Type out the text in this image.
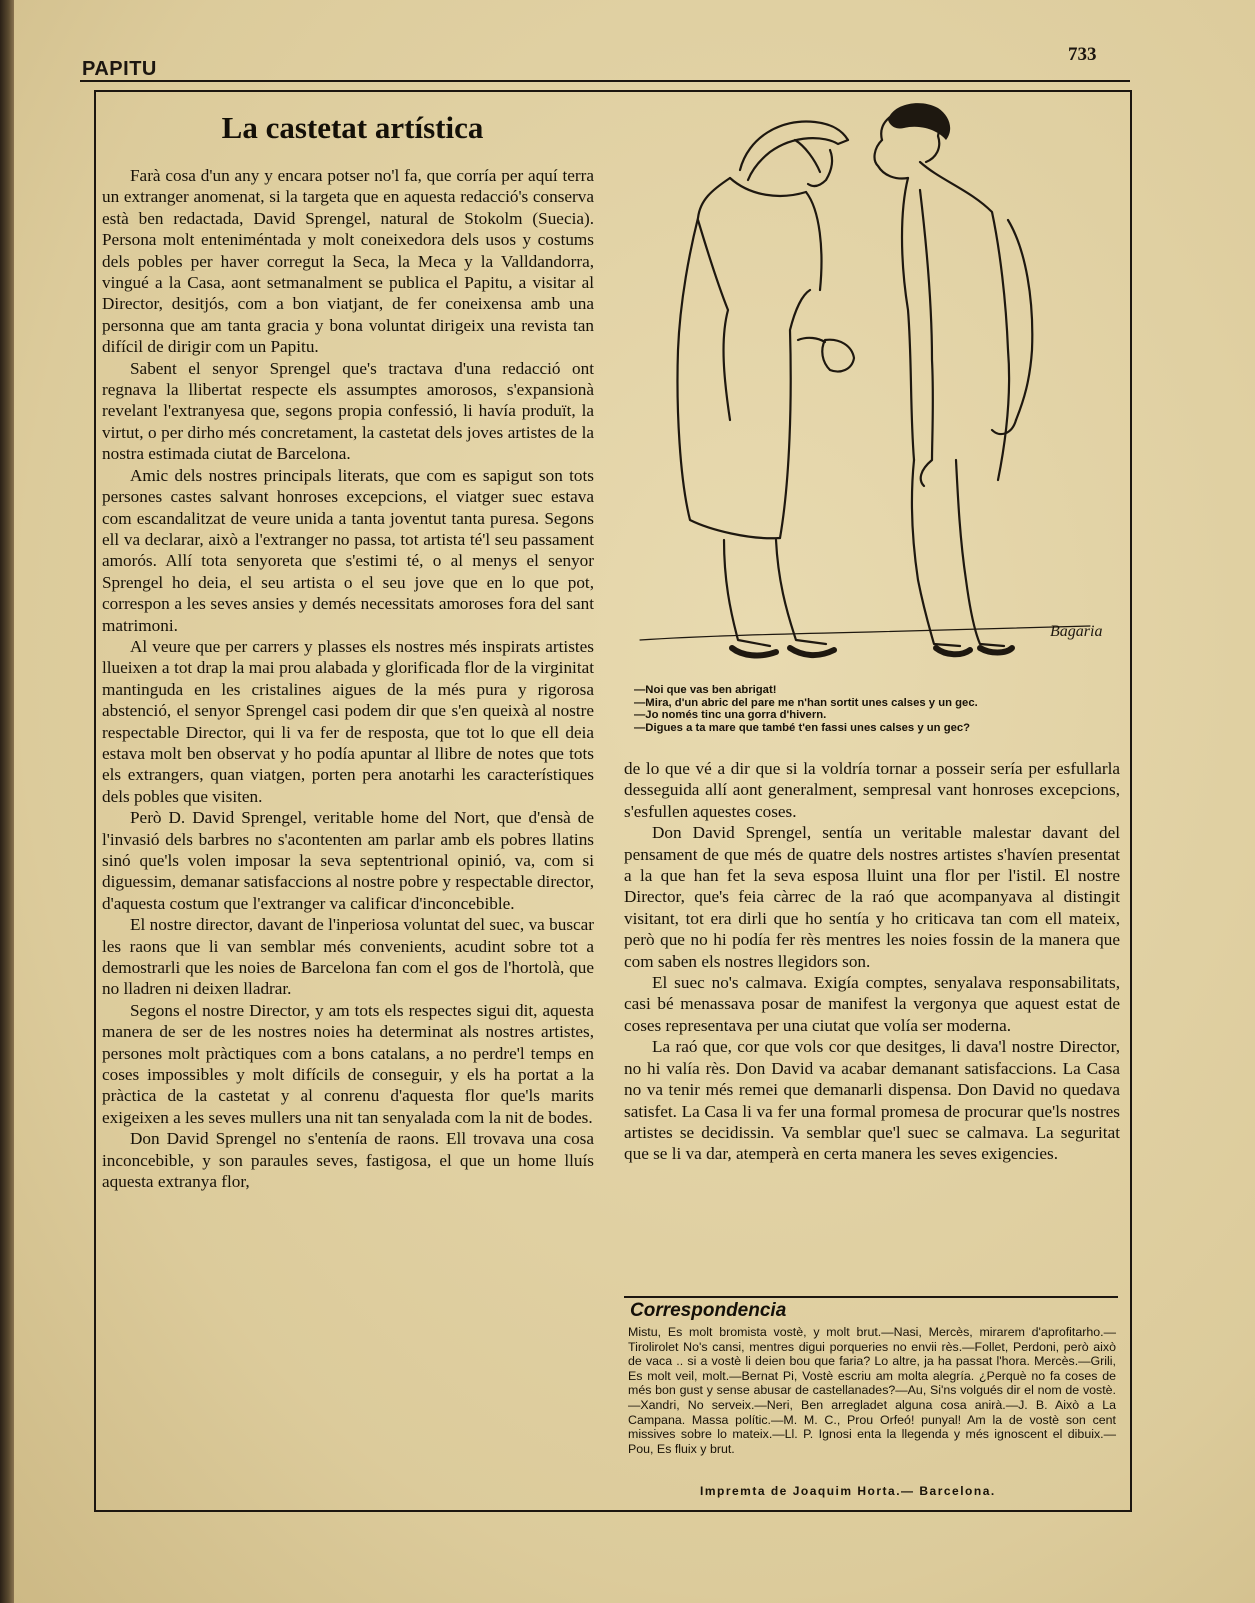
PAPITU
733
La castetat artística

Farà cosa d'un any y encara potser no'l fa, que corría per aquí terra un extranger anomenat, si la targeta que en aquesta redacció's conserva està ben redactada, David Sprengel, natural de Stokolm (Suecia). Persona molt enteniméntada y molt coneixedora dels usos y costums dels pobles per haver corregut la Seca, la Meca y la Valldandorra, vingué a la Casa, aont setmanalment se publica el Papitu, a visitar al Director, desitjós, com a bon viatjant, de fer coneixensa amb una personna que am tanta gracia y bona voluntat dirigeix una revista tan difícil de dirigir com un Papitu.

Sabent el senyor Sprengel que's tractava d'una redacció ont regnava la llibertat respecte els assumptes amorosos, s'expansionà revelant l'extranyesa que, segons propia confessió, li havía produït, la virtut, o per dirho més concretament, la castetat dels joves artistes de la nostra estimada ciutat de Barcelona.

Amic dels nostres principals literats, que com es sapigut son tots persones castes salvant honroses excepcions, el viatger suec estava com escandalitzat de veure unida a tanta joventut tanta puresa. Segons ell va declarar, això a l'extranger no passa, tot artista té'l seu passament amorós. Allí tota senyoreta que s'estimi té, o al menys el senyor Sprengel ho deia, el seu artista o el seu jove que en lo que pot, correspon a les seves ansies y demés necessitats amoroses fora del sant matrimoni.

Al veure que per carrers y plasses els nostres més inspirats artistes llueixen a tot drap la mai prou alabada y glorificada flor de la virginitat mantinguda en les cristalines aigues de la més pura y rigorosa abstenció, el senyor Sprengel casi podem dir que s'en queixà al nostre respectable Director, qui li va fer de resposta, que tot lo que ell deia estava molt ben observat y ho podía apuntar al llibre de notes que tots els extrangers, quan viatgen, porten pera anotarhi les característiques dels pobles que visiten.

Però D. David Sprengel, veritable home del Nort, que d'ensà de l'invasió dels barbres no s'acontenten am parlar amb els pobres llatins sinó que'ls volen imposar la seva septentrional opinió, va, com si diguessim, demanar satisfaccions al nostre pobre y respectable director, d'aquesta costum que l'extranger va calificar d'inconcebible.

El nostre director, davant de l'inperiosa voluntat del suec, va buscar les raons que li van semblar més convenients, acudint sobre tot a demostrarli que les noies de Barcelona fan com el gos de l'hortolà, que no lladren ni deixen lladrar.

Segons el nostre Director, y am tots els respectes sigui dit, aquesta manera de ser de les nostres noies ha determinat als nostres artistes, persones molt pràctiques com a bons catalans, a no perdre'l temps en coses impossibles y molt difícils de conseguir, y els ha portat a la pràctica de la castetat y al conrenu d'aquesta flor que'ls marits exigeixen a les seves mullers una nit tan senyalada com la nit de bodes.

Don David Sprengel no s'entenía de raons. Ell trovava una cosa inconcebible, y son paraules seves, fastigosa, el que un home lluís aquesta extranya flor,

Bagaria
—Noi que vas ben abrigat!
—Mira, d'un abric del pare me n'han sortit unes calses y un gec.
—Jo només tinc una gorra d'hivern.
—Digues a ta mare que també t'en fassi unes calses y un gec?

de lo que vé a dir que si la voldría tornar a posseir sería per esfullarla desseguida allí aont generalment, sempresal vant honroses excepcions, s'esfullen aquestes coses.

Don David Sprengel, sentía un veritable malestar davant del pensament de que més de quatre dels nostres artistes s'havíen presentat a la que han fet la seva esposa lluint una flor per l'istil. El nostre Director, que's feia càrrec de la raó que acompanyava al distingit visitant, tot era dirli que ho sentía y ho criticava tan com ell mateix, però que no hi podía fer rès mentres les noies fossin de la manera que com saben els nostres llegidors son.

El suec no's calmava. Exigía comptes, senyalava responsabilitats, casi bé menassava posar de manifest la vergonya que aquest estat de coses representava per una ciutat que volía ser moderna.

La raó que, cor que vols cor que desitges, li dava'l nostre Director, no hi valía rès. Don David va acabar demanant satisfaccions. La Casa no va tenir més remei que demanarli dispensa. Don David no quedava satisfet. La Casa li va fer una formal promesa de procurar que'ls nostres artistes se decidissin. Va semblar que'l suec se calmava. La seguritat que se li va dar, atemperà en certa manera les seves exigencies.

Correspondencia
Mistu, Es molt bromista vostè, y molt brut.—Nasi, Mercès, mirarem d'aprofitarho.—Tirolirolet No's cansi, mentres digui porqueries no envii rès.—Follet, Perdoni, però això de vaca .. si a vostè li deien bou que faria? Lo altre, ja ha passat l'hora. Mercès.—Grili, Es molt veil, molt.—Bernat Pi, Vostè escriu am molta alegría. ¿Perquè no fa coses de més bon gust y sense abusar de castellanades?—Au, Si'ns volgués dir el nom de vostè.—Xandri, No serveix.—Neri, Ben arregladet alguna cosa anirà.—J. B. Això a La Campana. Massa polític.—M. M. C., Prou Orfeó! punyal! Am la de vostè son cent missives sobre lo mateix.—Ll. P. Ignosi enta la llegenda y més ignoscent el dibuix.—Pou, Es fluix y brut.
Impremta de Joaquim Horta.— Barcelona.
